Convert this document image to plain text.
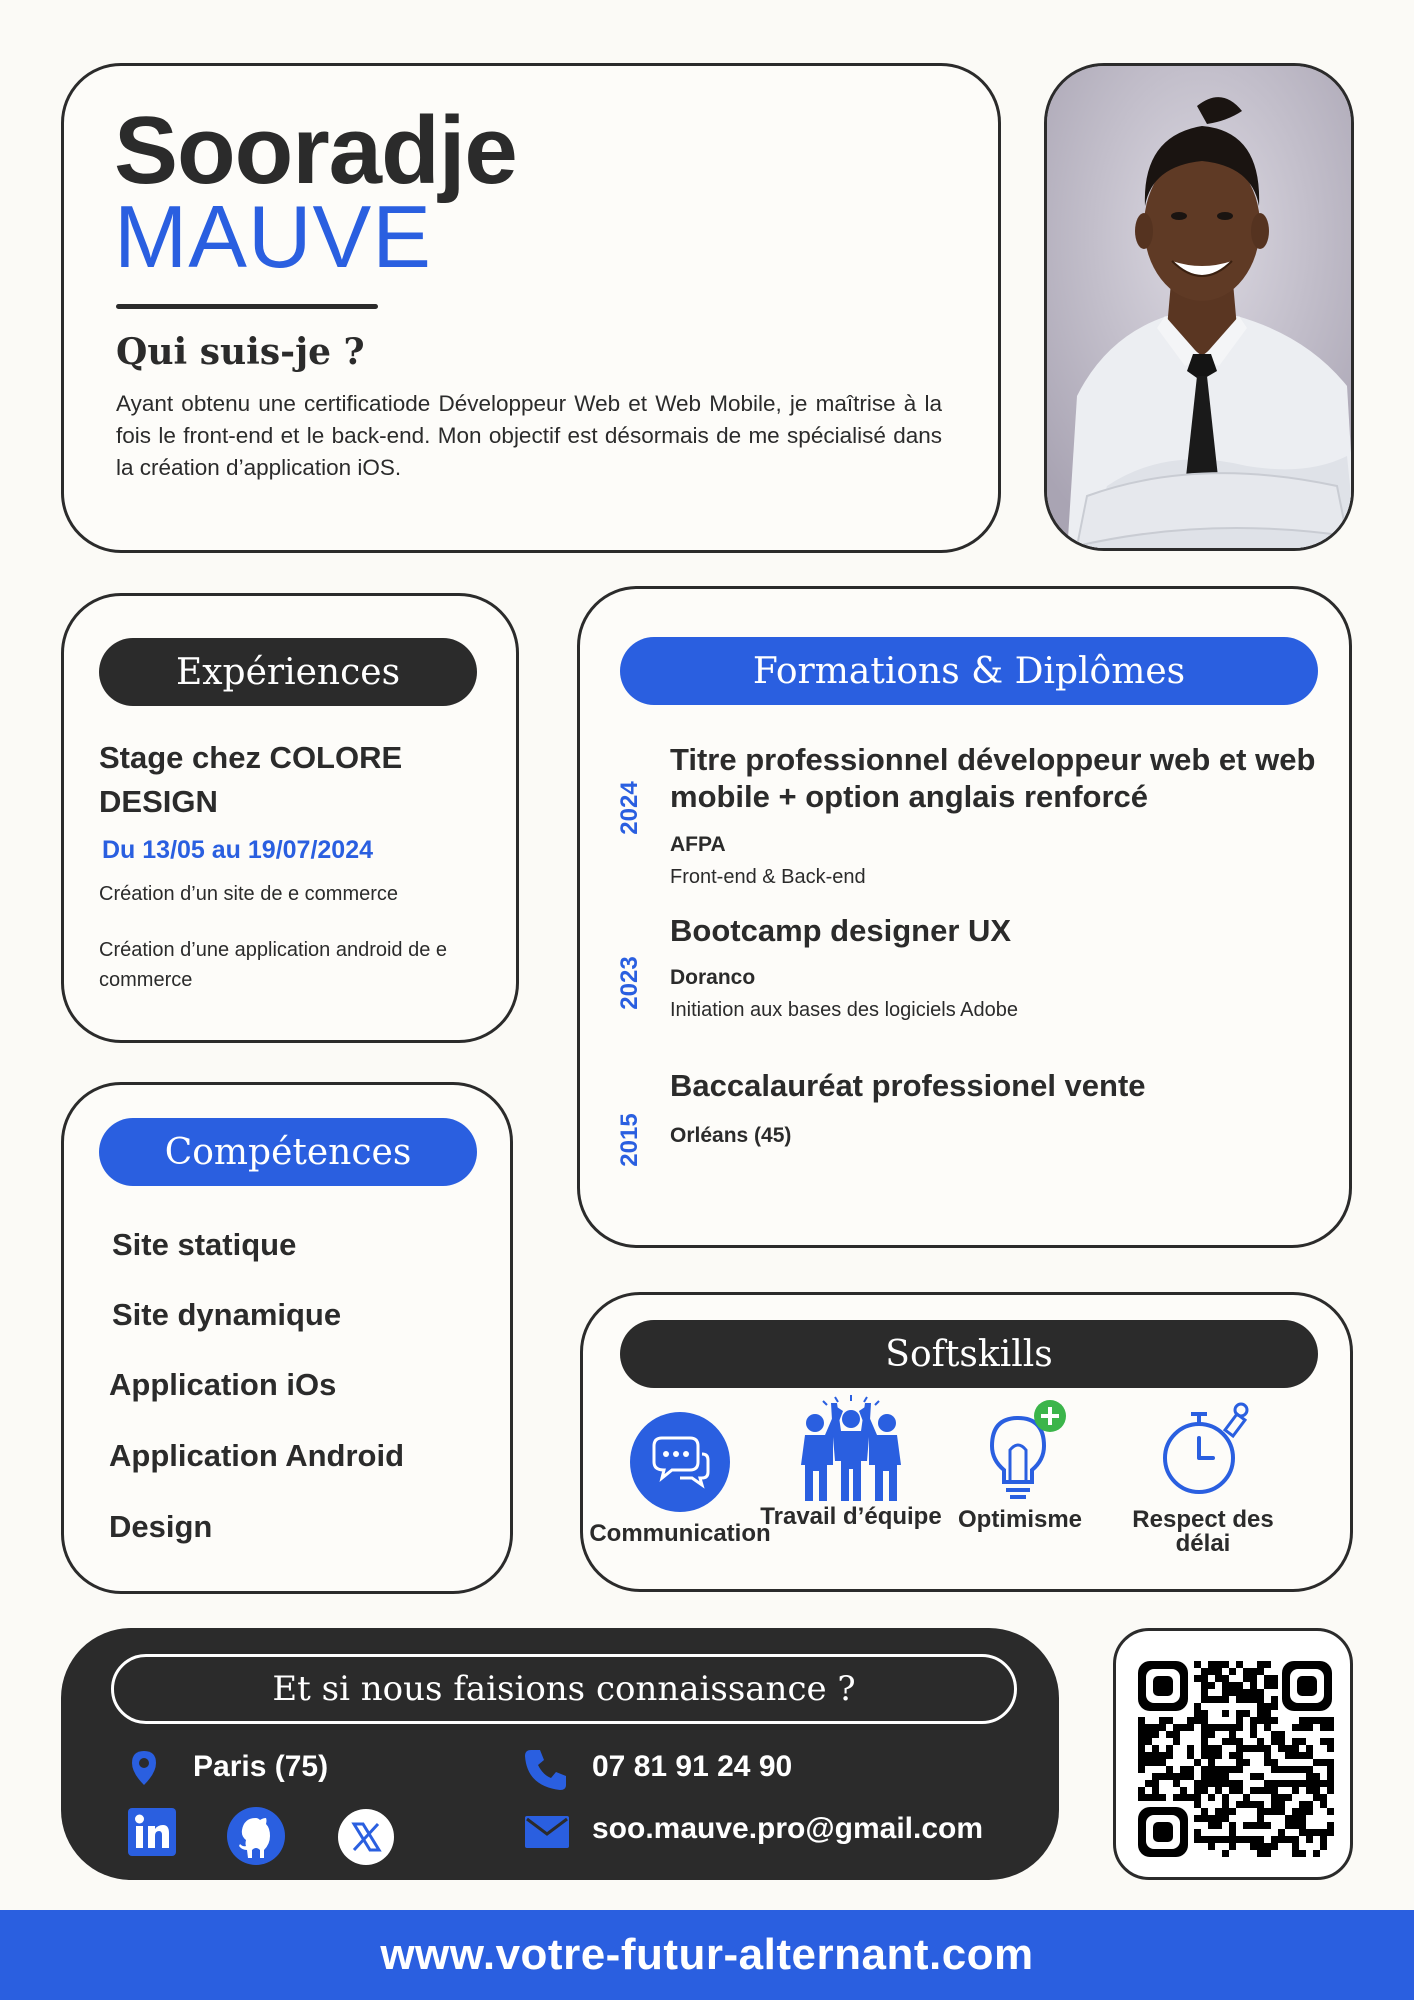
Sooradje
MAUVE
Qui suis-je ?
Ayant obtenu une certificatiode Développeur Web et Web Mobile, je maîtrise à la fois le front-end et le back-end. Mon objectif est désormais de me spécialisé dans la création d’application iOS.
Expériences
Stage chez COLORE DESIGN
Du 13/05 au 19/07/2024
Création d’un site de e commerce
Création d’une application android de e commerce
Compétences
Site statique
Site dynamique
Application iOs
Application Android
Design
Formations & Diplômes
2024
Titre professionnel développeur web et web mobile + option anglais renforcé
AFPA
Front-end & Back-end
2023
Bootcamp designer UX
Doranco
Initiation aux bases des logiciels Adobe
2015
Baccalauréat professionel vente
Orléans (45)
Softskills
Communication
Travail d’équipe Optimisme	Respect des délai
Et si nous faisions connaissance ?
Paris (75)	07 81 91 24 90
soo.mauve.pro@gmail.com
www.votre-futur-alternant.com
